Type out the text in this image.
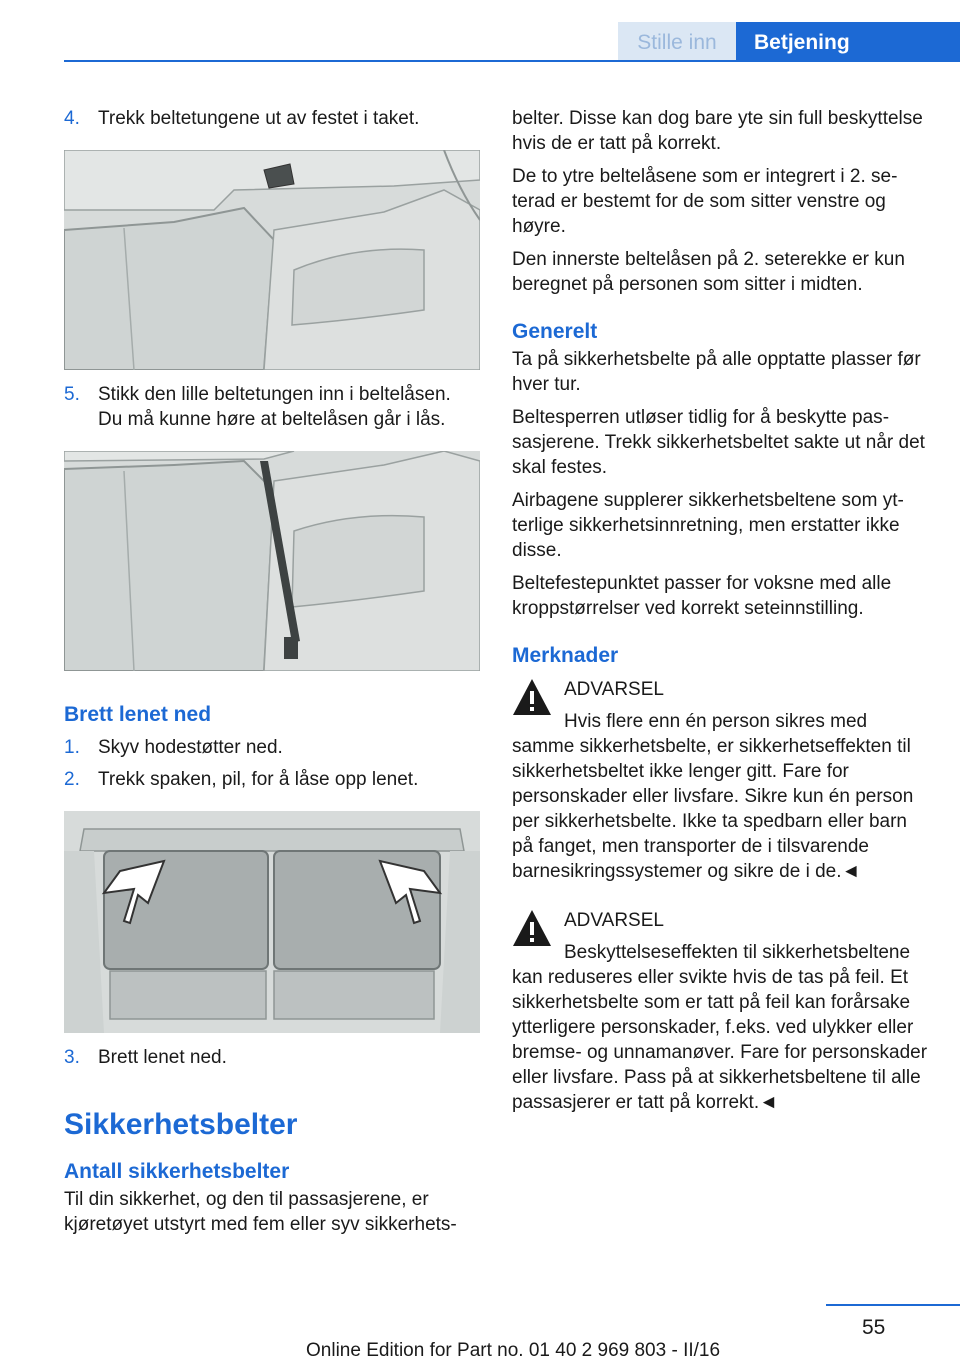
Stille inn	Betjening
4. Trekk beltetungene ut av festet i taket.
5. Stikk den lille beltetungen inn i beltelåsen. Du må kunne høre at beltelåsen går i lås.
Brett lenet ned
1. Skyv hodestøtter ned.
2. Trekk spaken, pil, for å låse opp lenet.
3. Brett lenet ned.
Sikkerhetsbelter
Antall sikkerhetsbelter

Til din sikkerhet, og den til passasjerene, er kjøretøyet utstyrt med fem eller syv sikkerhets-

belter. Disse kan dog bare yte sin full beskyttelse hvis de er tatt på korrekt.

De to ytre beltelåsene som er integrert i 2. seterad er bestemt for de som sitter venstre og høyre.

Den innerste beltelåsen på 2. seterekke er kun beregnet på personen som sitter i midten.

Generelt

Ta på sikkerhetsbelte på alle opptatte plasser før hver tur.

Beltesperren utløser tidlig for å beskytte passasjerene. Trekk sikkerhetsbeltet sakte ut når det skal festes.

Airbagene supplerer sikkerhetsbeltene som ytterlige sikkerhetsinnretning, men erstatter ikke disse.

Beltefestepunktet passer for voksne med alle kroppstørrelser ved korrekt seteinnstilling.

Merknader
ADVARSEL
Hvis flere enn én person sikres med samme sikkerhetsbelte, er sikkerhetseffekten til sikkerhetsbeltet ikke lenger gitt. Fare for personskader eller livsfare. Sikre kun én person per sikkerhetsbelte. Ikke ta spedbarn eller barn på fanget, men transporter de i tilsvarende barnesikringssystemer og sikre de i de.◄
ADVARSEL
Beskyttelseseffekten til sikkerhetsbeltene kan reduseres eller svikte hvis de tas på feil. Et sikkerhetsbelte som er tatt på feil kan forårsake ytterligere personskader, f.eks. ved ulykker eller bremse- og unnamanøver. Fare for personskader eller livsfare. Pass på at sikkerhetsbeltene til alle passasjerer er tatt på korrekt.◄
55
Online Edition for Part no. 01 40 2 969 803 - II/16
